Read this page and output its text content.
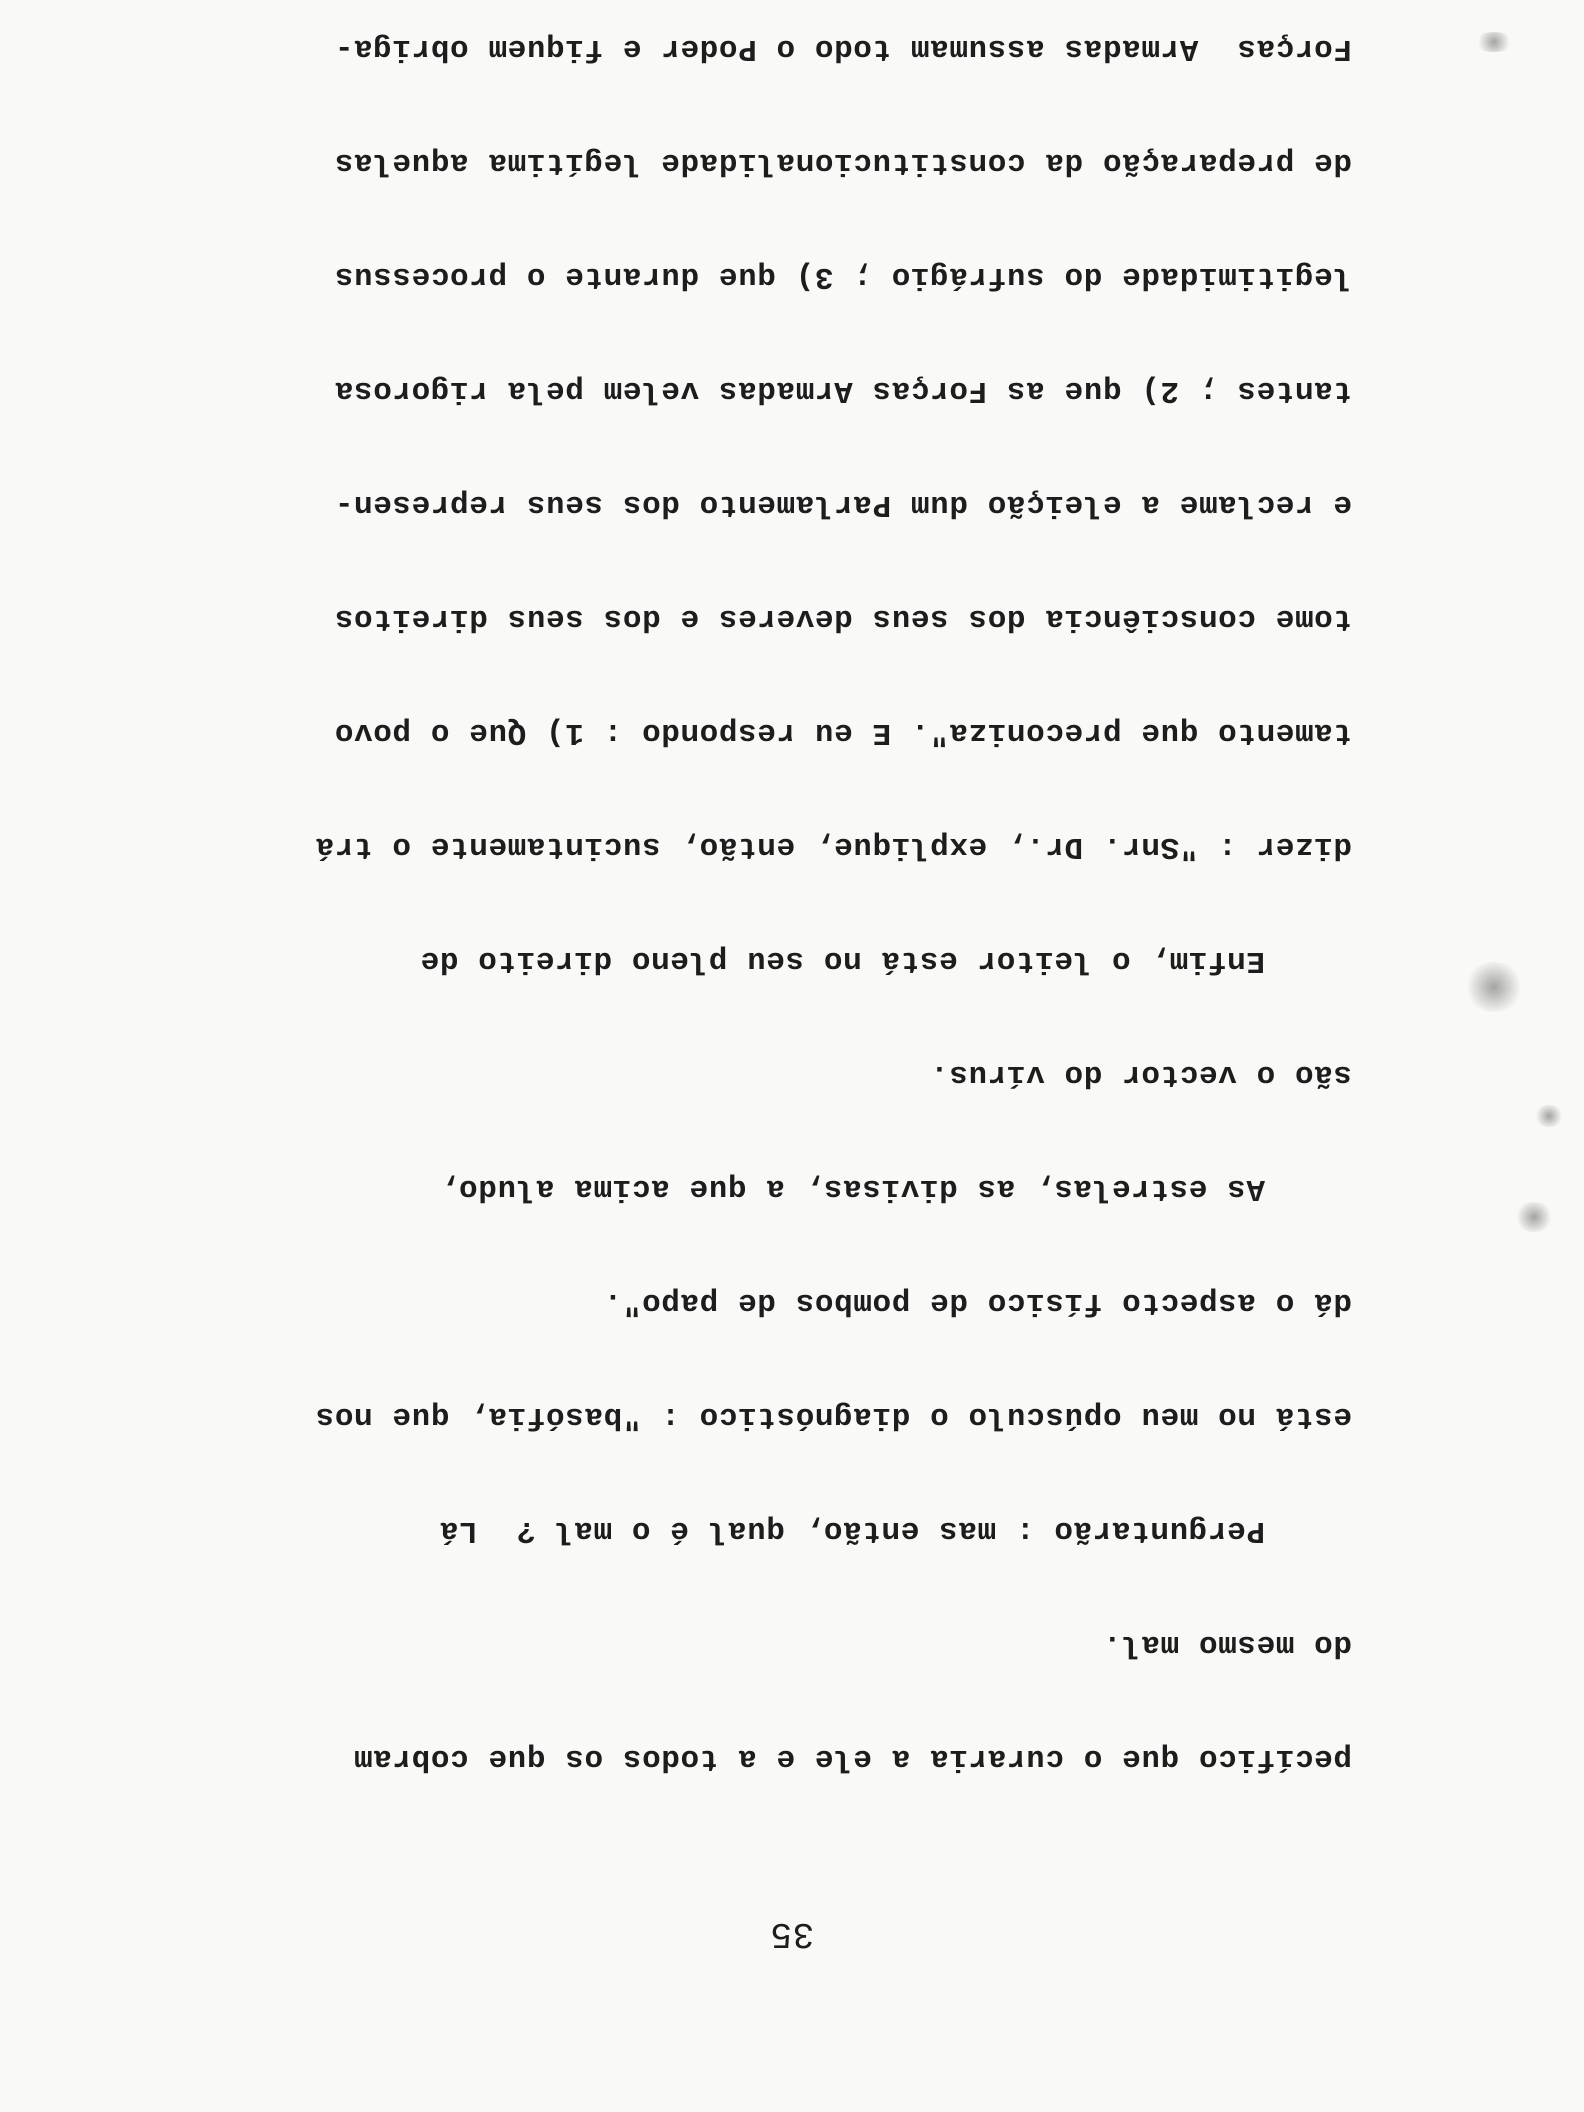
35

pecífico que o curaria a ele e a todos os que cobram

do mesmo mal.

Perguntarão : mas então, qual é o mal ?  Lá

está no meu opúsculo o diagnóstico : "basófia, que nos

dá o aspecto físico de pombos de papo".

As estrelas, as divisas, a que acima aludo,

são o vector do vírus.

Enfim, o leitor está no seu pleno direito de

dizer : "Snr. Dr., explique, então, sucintamente o trá

tamento que preconiza". E eu respondo : 1) Que o povo

tome consciência dos seus deveres e dos seus direitos

e reclame a eleição dum Parlamento dos seus represen-

tantes ; 2) que as Forças Armadas velem pela rigorosa

legitimidade do sufrágio ; 3) que durante o processus

de preparação da constitucionalidade legítima aquelas

Forças  Armadas assumam todo o Poder e fiquem obriga-
